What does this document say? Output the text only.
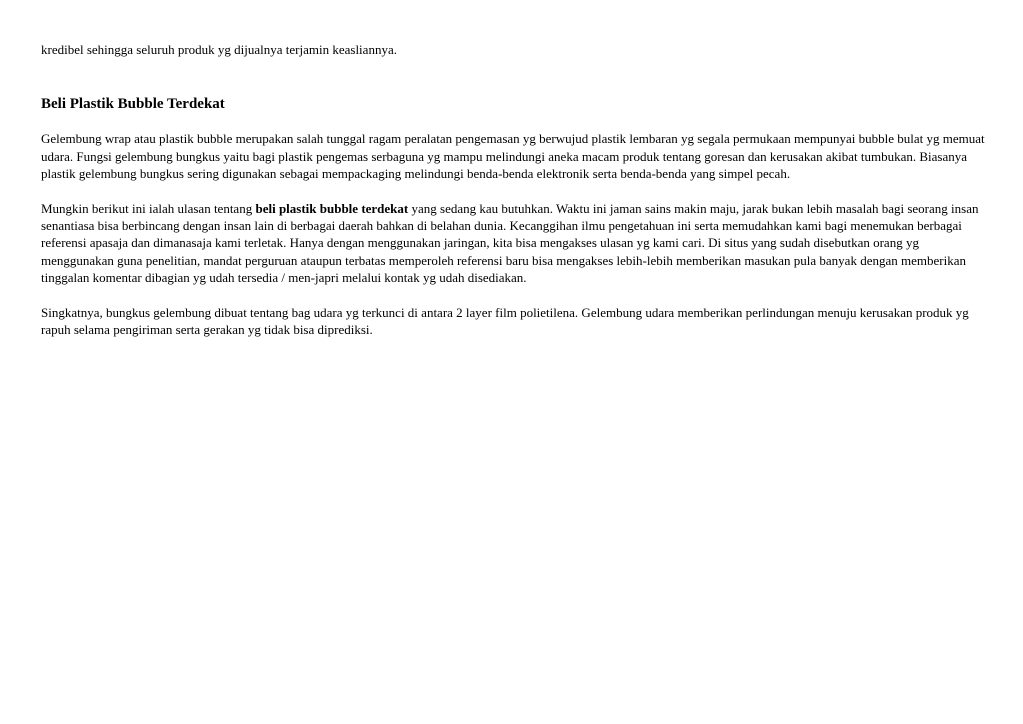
kredibel sehingga seluruh produk yg dijualnya terjamin keasliannya.

Beli Plastik Bubble Terdekat

Gelembung wrap atau plastik bubble merupakan salah tunggal ragam peralatan pengemasan yg berwujud plastik lembaran yg segala permukaan mempunyai bubble bulat yg memuat udara. Fungsi gelembung bungkus yaitu bagi plastik pengemas serbaguna yg mampu melindungi aneka macam produk tentang goresan dan kerusakan akibat tumbukan. Biasanya plastik gelembung bungkus sering digunakan sebagai mempackaging melindungi benda-benda elektronik serta benda-benda yang simpel pecah.

Mungkin berikut ini ialah ulasan tentang beli plastik bubble terdekat yang sedang kau butuhkan. Waktu ini jaman sains makin maju, jarak bukan lebih masalah bagi seorang insan senantiasa bisa berbincang dengan insan lain di berbagai daerah bahkan di belahan dunia. Kecanggihan ilmu pengetahuan ini serta memudahkan kami bagi menemukan berbagai referensi apasaja dan dimanasaja kami terletak. Hanya dengan menggunakan jaringan, kita bisa mengakses ulasan yg kami cari. Di situs yang sudah disebutkan orang yg menggunakan guna penelitian, mandat perguruan ataupun terbatas memperoleh referensi baru bisa mengakses lebih-lebih memberikan masukan pula banyak dengan memberikan tinggalan komentar dibagian yg udah tersedia / men-japri melalui kontak yg udah disediakan.

Singkatnya, bungkus gelembung dibuat tentang bag udara yg terkunci di antara 2 layer film polietilena. Gelembung udara memberikan perlindungan menuju kerusakan produk yg rapuh selama pengiriman serta gerakan yg tidak bisa diprediksi.
